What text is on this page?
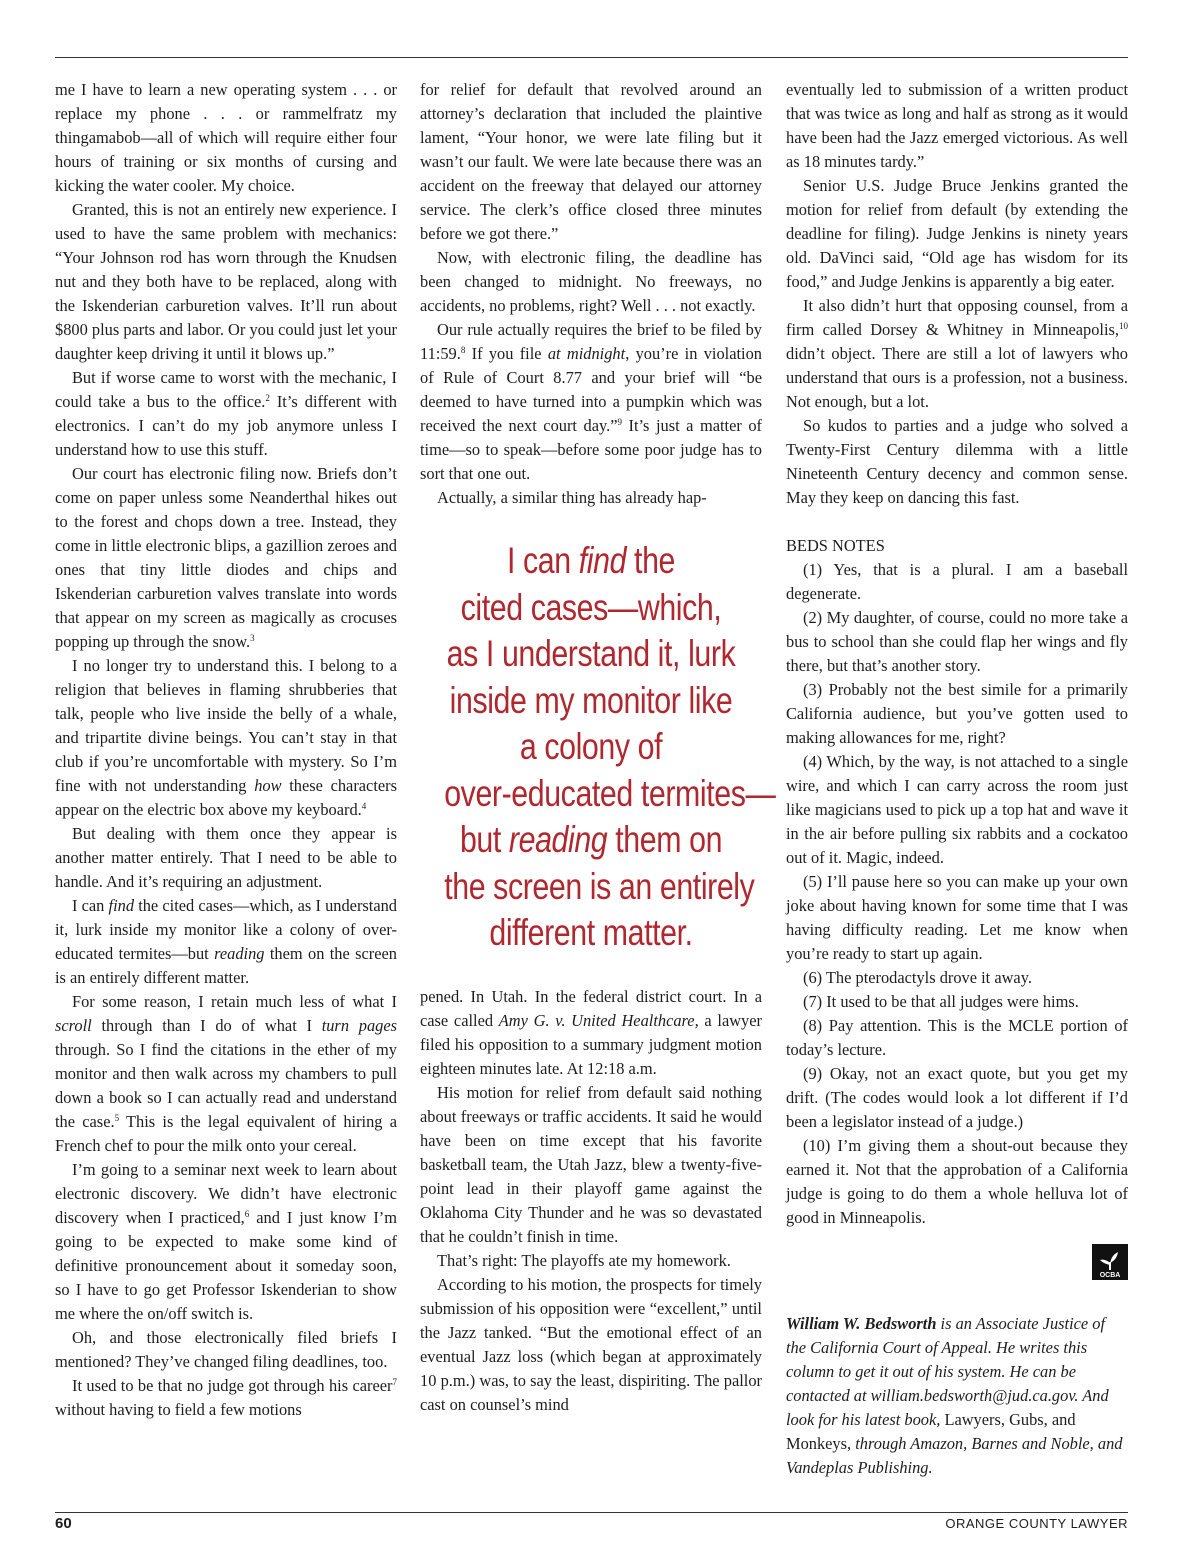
me I have to learn a new operating system . . . or replace my phone . . . or rammelfratz my thingamabob—all of which will require either four hours of training or six months of cursing and kicking the water cooler. My choice.

Granted, this is not an entirely new experience. I used to have the same problem with mechanics: “Your Johnson rod has worn through the Knudsen nut and they both have to be replaced, along with the Iskenderian carburetion valves. It’ll run about $800 plus parts and labor. Or you could just let your daughter keep driving it until it blows up.”

But if worse came to worst with the mechanic, I could take a bus to the office.$^2$ It’s different with electronics. I can’t do my job anymore unless I understand how to use this stuff.

Our court has electronic filing now. Briefs don’t come on paper unless some Neanderthal hikes out to the forest and chops down a tree. Instead, they come in little electronic blips, a gazillion zeroes and ones that tiny little diodes and chips and Iskenderian carburetion valves translate into words that appear on my screen as magically as crocuses popping up through the snow.$^3$

I no longer try to understand this. I belong to a religion that believes in flaming shrubberies that talk, people who live inside the belly of a whale, and tripartite divine beings. You can’t stay in that club if you’re uncomfortable with mystery. So I’m fine with not understanding how these characters appear on the electric box above my keyboard.$^4$

But dealing with them once they appear is another matter entirely. That I need to be able to handle. And it’s requiring an adjustment.

I can find the cited cases—which, as I understand it, lurk inside my monitor like a colony of over-educated termites—but reading them on the screen is an entirely different matter.

For some reason, I retain much less of what I scroll through than I do of what I turn pages through. So I find the citations in the ether of my monitor and then walk across my chambers to pull down a book so I can actually read and understand the case.$^5$ This is the legal equivalent of hiring a French chef to pour the milk onto your cereal.

I’m going to a seminar next week to learn about electronic discovery. We didn’t have electronic discovery when I practiced,$^6$ and I just know I’m going to be expected to make some kind of definitive pronouncement about it someday soon, so I have to go get Professor Iskenderian to show me where the on/off switch is.

Oh, and those electronically filed briefs I mentioned? They’ve changed filing deadlines, too.

It used to be that no judge got through his career$^7$ without having to field a few motions

for relief for default that revolved around an attorney’s declaration that included the plaintive lament, “Your honor, we were late filing but it wasn’t our fault. We were late because there was an accident on the freeway that delayed our attorney service. The clerk’s office closed three minutes before we got there.”

Now, with electronic filing, the deadline has been changed to midnight. No freeways, no accidents, no problems, right? Well . . . not exactly.

Our rule actually requires the brief to be filed by 11:59.$^8$ If you file at midnight, you’re in violation of Rule of Court 8.77 and your brief will “be deemed to have turned into a pumpkin which was received the next court day.”$^9$ It’s just a matter of time—so to speak—before some poor judge has to sort that one out.

Actually, a similar thing has already hap-

I can find the
cited cases—which,
as I understand it, lurk
inside my monitor like
a colony of
over-educated termites—
but reading them on
the screen is an entirely
different matter.

pened. In Utah. In the federal district court. In a case called Amy G. v. United Healthcare, a lawyer filed his opposition to a summary judgment motion eighteen minutes late. At 12:18 a.m.

His motion for relief from default said nothing about freeways or traffic accidents. It said he would have been on time except that his favorite basketball team, the Utah Jazz, blew a twenty-five-point lead in their playoff game against the Oklahoma City Thunder and he was so devastated that he couldn’t finish in time.

That’s right: The playoffs ate my homework.

According to his motion, the prospects for timely submission of his opposition were “excellent,” until the Jazz tanked. “But the emotional effect of an eventual Jazz loss (which began at approximately 10 p.m.) was, to say the least, dispiriting. The pallor cast on counsel’s mind

eventually led to submission of a written product that was twice as long and half as strong as it would have been had the Jazz emerged victorious. As well as 18 minutes tardy.”

Senior U.S. Judge Bruce Jenkins granted the motion for relief from default (by extending the deadline for filing). Judge Jenkins is ninety years old. DaVinci said, “Old age has wisdom for its food,” and Judge Jenkins is apparently a big eater.

It also didn’t hurt that opposing counsel, from a firm called Dorsey & Whitney in Minneapolis,$^{10}$ didn’t object. There are still a lot of lawyers who understand that ours is a profession, not a business. Not enough, but a lot.

So kudos to parties and a judge who solved a Twenty-First Century dilemma with a little Nineteenth Century decency and common sense. May they keep on dancing this fast.

BEDS NOTES

(1) Yes, that is a plural. I am a baseball degenerate.

(2) My daughter, of course, could no more take a bus to school than she could flap her wings and fly there, but that’s another story.

(3) Probably not the best simile for a primarily California audience, but you’ve gotten used to making allowances for me, right?

(4) Which, by the way, is not attached to a single wire, and which I can carry across the room just like magicians used to pick up a top hat and wave it in the air before pulling six rabbits and a cockatoo out of it. Magic, indeed.

(5) I’ll pause here so you can make up your own joke about having known for some time that I was having difficulty reading. Let me know when you’re ready to start up again.

(6) The pterodactyls drove it away.

(7) It used to be that all judges were hims.

(8) Pay attention. This is the MCLE portion of today’s lecture.

(9) Okay, not an exact quote, but you get my drift. (The codes would look a lot different if I’d been a legislator instead of a judge.)

(10) I’m giving them a shout-out because they earned it. Not that the approbation of a California judge is going to do them a whole helluva lot of good in Minneapolis.

OCBA
William W. Bedsworth is an Associate Justice of the California Court of Appeal. He writes this column to get it out of his system. He can be contacted at william.bedsworth@jud.ca.gov. And look for his latest book, Lawyers, Gubs, and Monkeys, through Amazon, Barnes and Noble, and Vandeplas Publishing.
60	ORANGE COUNTY LAWYER
